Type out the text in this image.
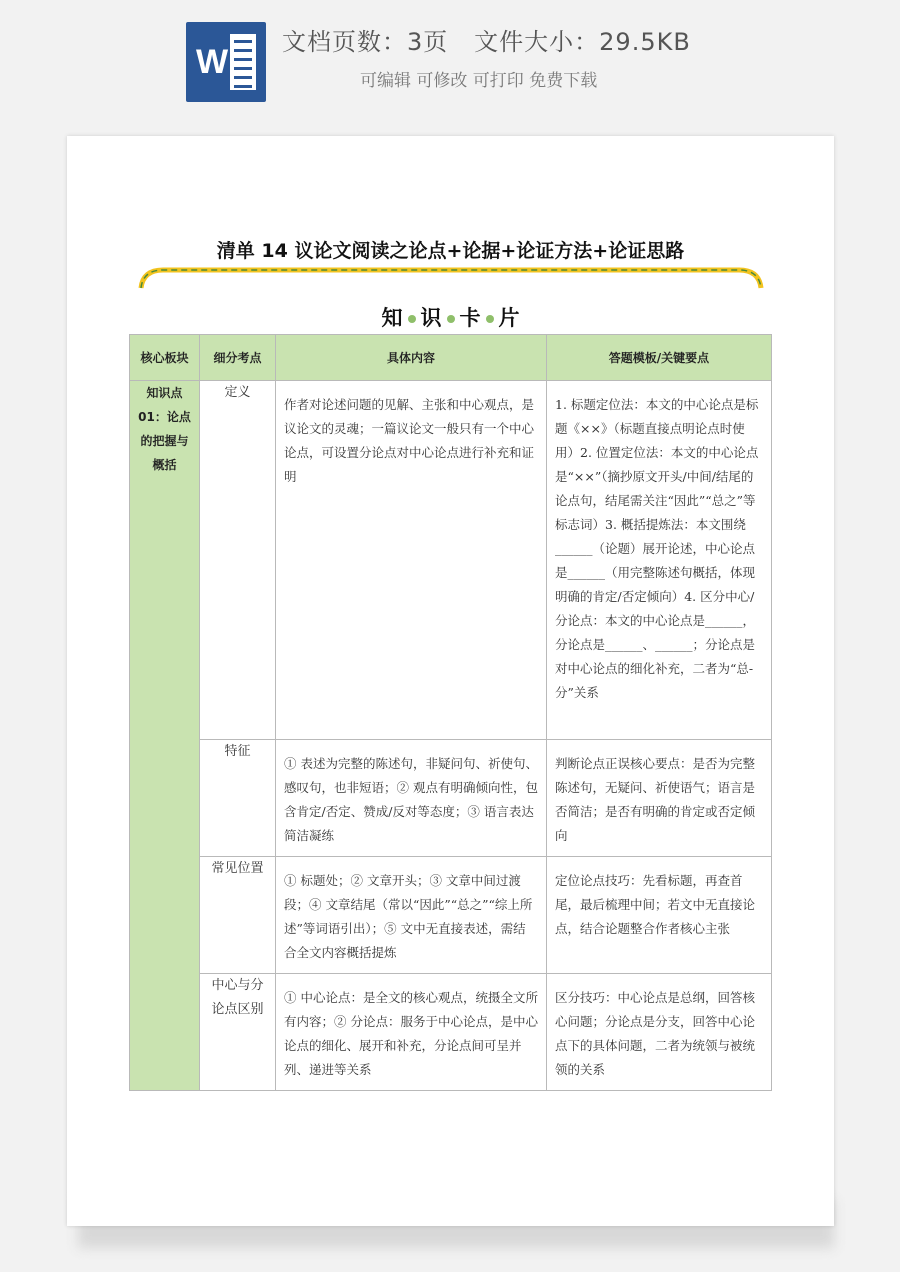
W
文档页数：3页   文件大小：29.5KB
可编辑 可修改 可打印 免费下载
清单 14 议论文阅读之论点+论据+论证方法+论证思路
知 识 卡 片
核心板块	细分考点	具体内容	答题模板/关键要点

知识点01：论点的把握与概括	定义	作者对论述问题的见解、主张和中心观点，是议论文的灵魂；一篇议论文一般只有一个中心论点，可设置分论点对中心论点进行补充和证明	1. 标题定位法：本文的中心论点是标题《××》（标题直接点明论点时使用）2. 位置定位法：本文的中心论点是“××”（摘抄原文开头/中间/结尾的论点句，结尾需关注“因此”“总之”等标志词）3. 概括提炼法：本文围绕______（论题）展开论述，中心论点是______（用完整陈述句概括，体现明确的肯定/否定倾向）4. 区分中心/分论点：本文的中心论点是______，分论点是______、______；分论点是对中心论点的细化补充，二者为“总-分”关系

	特征	① 表述为完整的陈述句，非疑问句、祈使句、感叹句，也非短语；② 观点有明确倾向性，包含肯定/否定、赞成/反对等态度；③ 语言表达简洁凝练	判断论点正误核心要点：是否为完整陈述句，无疑问、祈使语气；语言是否简洁；是否有明确的肯定或否定倾向

	常见位置	① 标题处；② 文章开头；③ 文章中间过渡段；④ 文章结尾（常以“因此”“总之”“综上所述”等词语引出）；⑤ 文中无直接表述，需结合全文内容概括提炼	定位论点技巧：先看标题，再查首尾，最后梳理中间；若文中无直接论点，结合论题整合作者核心主张

	中心与分论点区别	① 中心论点：是全文的核心观点，统摄全文所有内容；② 分论点：服务于中心论点，是中心论点的细化、展开和补充，分论点间可呈并列、递进等关系	区分技巧：中心论点是总纲，回答核心问题；分论点是分支，回答中心论点下的具体问题，二者为统领与被统领的关系
